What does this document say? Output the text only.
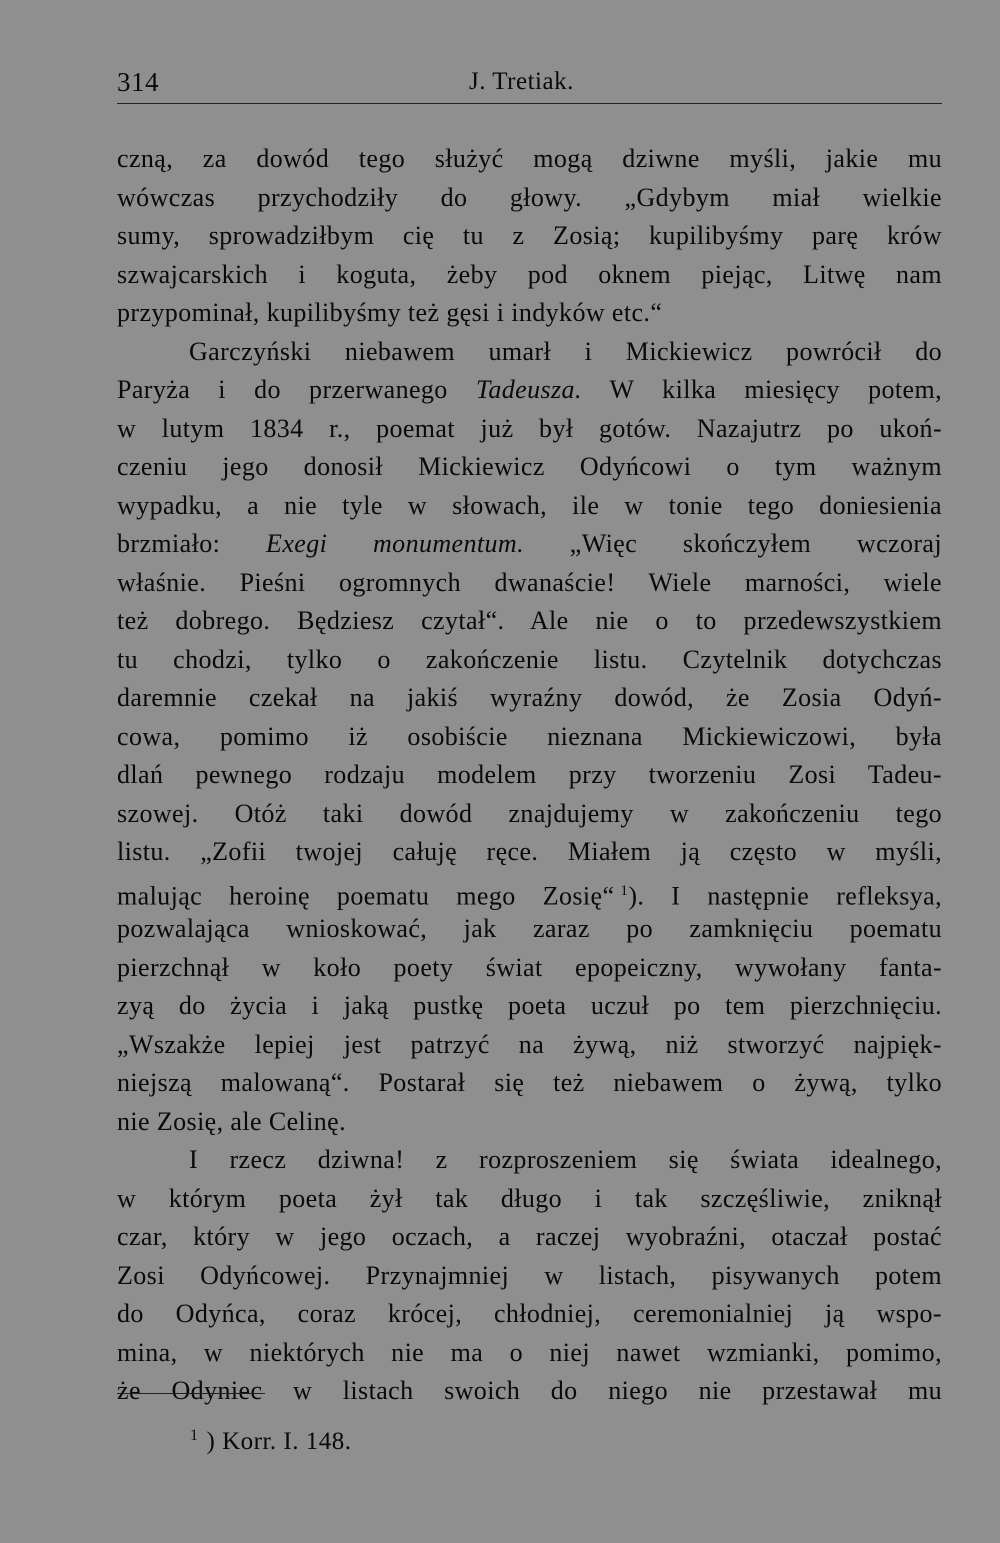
314	J. Tretiak.
czną, za dowód tego służyć mogą dziwne myśli, jakie mu
wówczas przychodziły do głowy. „Gdybym miał wielkie
sumy, sprowadziłbym cię tu z Zosią; kupilibyśmy parę krów
szwajcarskich i koguta, żeby pod oknem piejąc, Litwę nam
przypominał, kupilibyśmy też gęsi i indyków etc.“
Garczyński niebawem umarł i Mickiewicz powrócił do
Paryża i do przerwanego Tadeusza. W kilka miesięcy potem,
w lutym 1834 r., poemat już był gotów. Nazajutrz po ukoń-
czeniu jego donosił Mickiewicz Odyńcowi o tym ważnym
wypadku, a nie tyle w słowach, ile w tonie tego doniesienia
brzmiało: Exegi monumentum. „Więc skończyłem wczoraj
właśnie. Pieśni ogromnych dwanaście! Wiele marności, wiele
też dobrego. Będziesz czytał“. Ale nie o to przedewszystkiem
tu chodzi, tylko o zakończenie listu. Czytelnik dotychczas
daremnie czekał na jakiś wyraźny dowód, że Zosia Odyń-
cowa, pomimo iż osobiście nieznana Mickiewiczowi, była
dlań pewnego rodzaju modelem przy tworzeniu Zosi Tadeu-
szowej. Otóż taki dowód znajdujemy w zakończeniu tego
listu. „Zofii twojej całuję ręce. Miałem ją często w myśli,
malując heroinę poematu mego Zosię“ $^1$). I następnie refleksya,
pozwalająca wnioskować, jak zaraz po zamknięciu poematu
pierzchnął w koło poety świat epopeiczny, wywołany fanta-
zyą do życia i jaką pustkę poeta uczuł po tem pierzchnięciu.
„Wszakże lepiej jest patrzyć na żywą, niż stworzyć najpięk-
niejszą malowaną“. Postarał się też niebawem o żywą, tylko
nie Zosię, ale Celinę.
I rzecz dziwna! z rozproszeniem się świata idealnego,
w którym poeta żył tak długo i tak szczęśliwie, zniknął
czar, który w jego oczach, a raczej wyobraźni, otaczał postać
Zosi Odyńcowej. Przynajmniej w listach, pisywanych potem
do Odyńca, coraz krócej, chłodniej, ceremonialniej ją wspo-
mina, w niektórych nie ma o niej nawet wzmianki, pomimo,
że Odyniec w listach swoich do niego nie przestawał mu
$^1$ ) Korr. I. 148.
